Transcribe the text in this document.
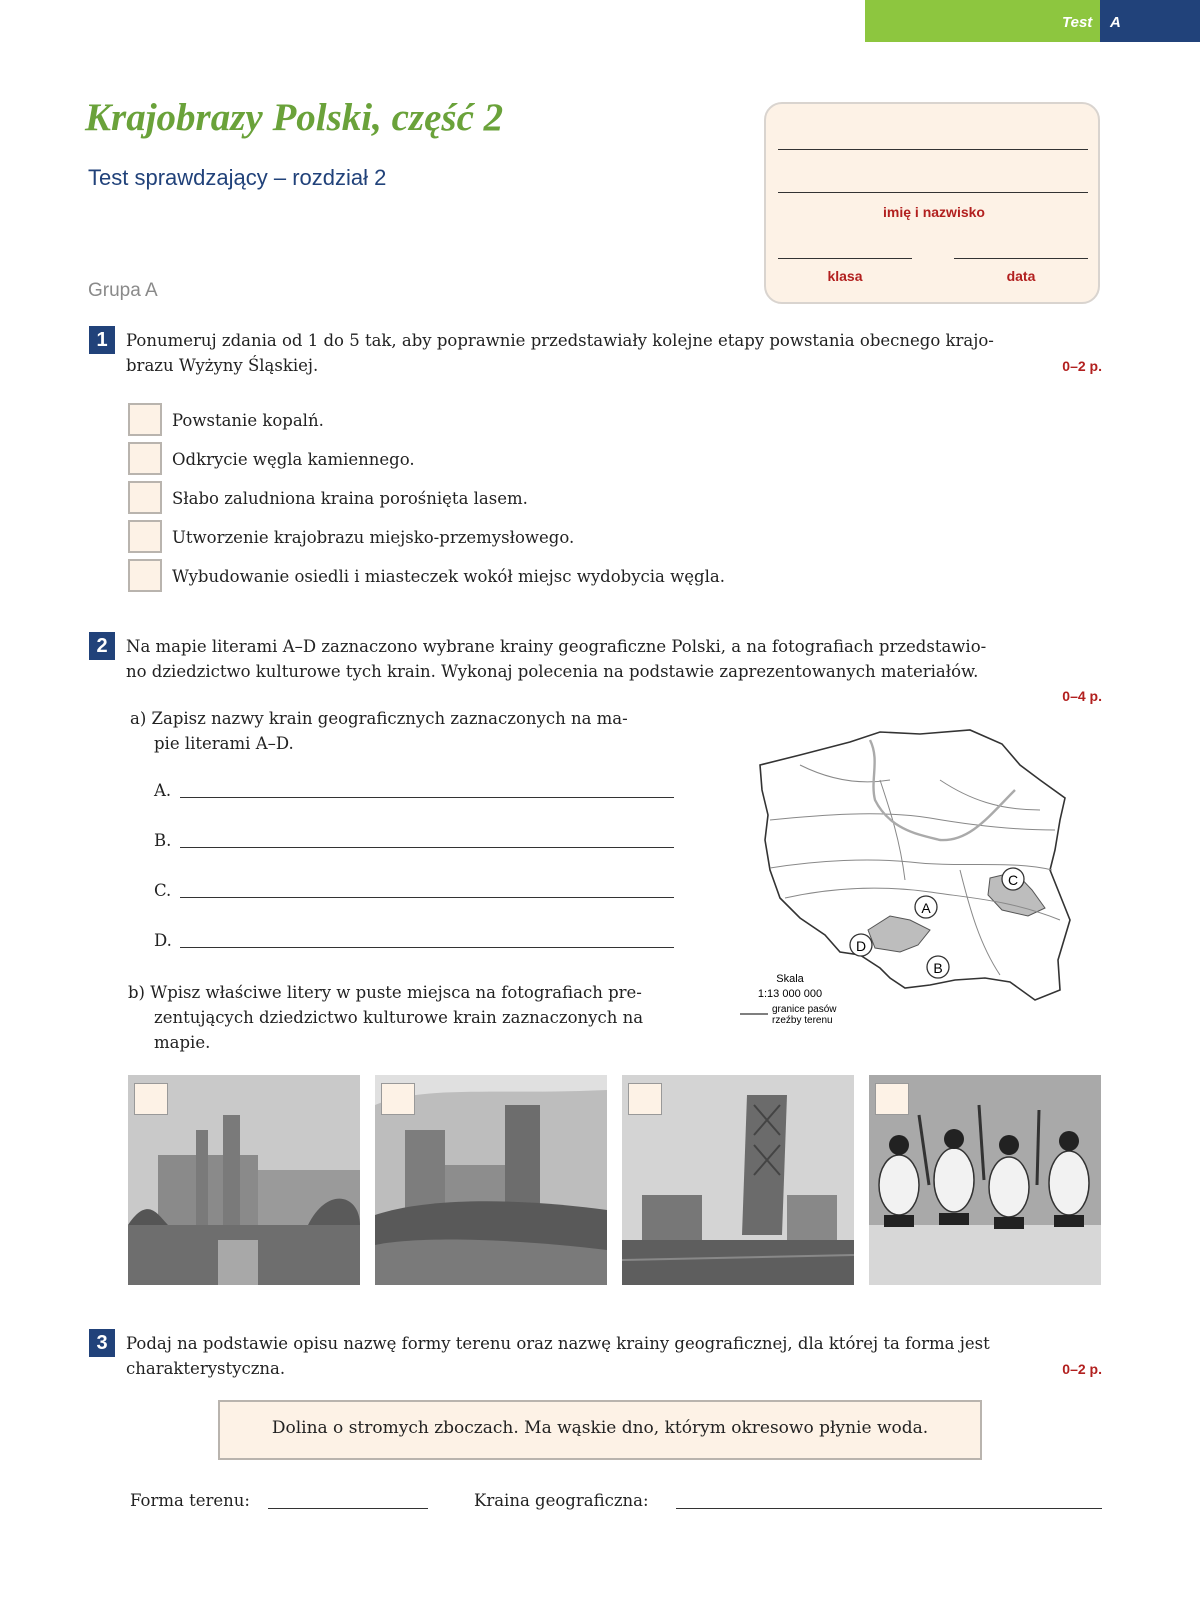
Test A
Krajobrazy Polski, część 2
Test sprawdzający – rozdział 2
Grupa A
imię i nazwisko
klasa	data
1	Ponumeruj zdania od 1 do 5 tak, aby poprawnie przedstawiały kolejne etapy powstania obecnego krajo-
brazu Wyżyny Śląskiej.	0–2 p.
Powstanie kopalń.
Odkrycie węgla kamiennego.
Słabo zaludniona kraina porośnięta lasem.
Utworzenie krajobrazu miejsko-przemysłowego.
Wybudowanie osiedli i miasteczek wokół miejsc wydobycia węgla.
2	Na mapie literami A–D zaznaczono wybrane krainy geograficzne Polski, a na fotografiach przedstawio-
no dziedzictwo kulturowe tych krain. Wykonaj polecenia na podstawie zaprezentowanych materiałów.
0–4 p.
a) Zapisz nazwy krain geograficznych zaznaczonych na ma-
pie literami A–D.
A.
B.
C.
D.
b) Wpisz właściwe litery w puste miejsca na fotografiach pre-
zentujących dziedzictwo kulturowe krain zaznaczonych na
mapie.
A
B
C
D
Skala
1:13 000 000
granice pasów
rzeźby terenu
3	Podaj na podstawie opisu nazwę formy terenu oraz nazwę krainy geograficznej, dla której ta forma jest
charakterystyczna.	0–2 p.
Dolina o stromych zboczach. Ma wąskie dno, którym okresowo płynie woda.
Forma terenu:	Kraina geograficzna:
